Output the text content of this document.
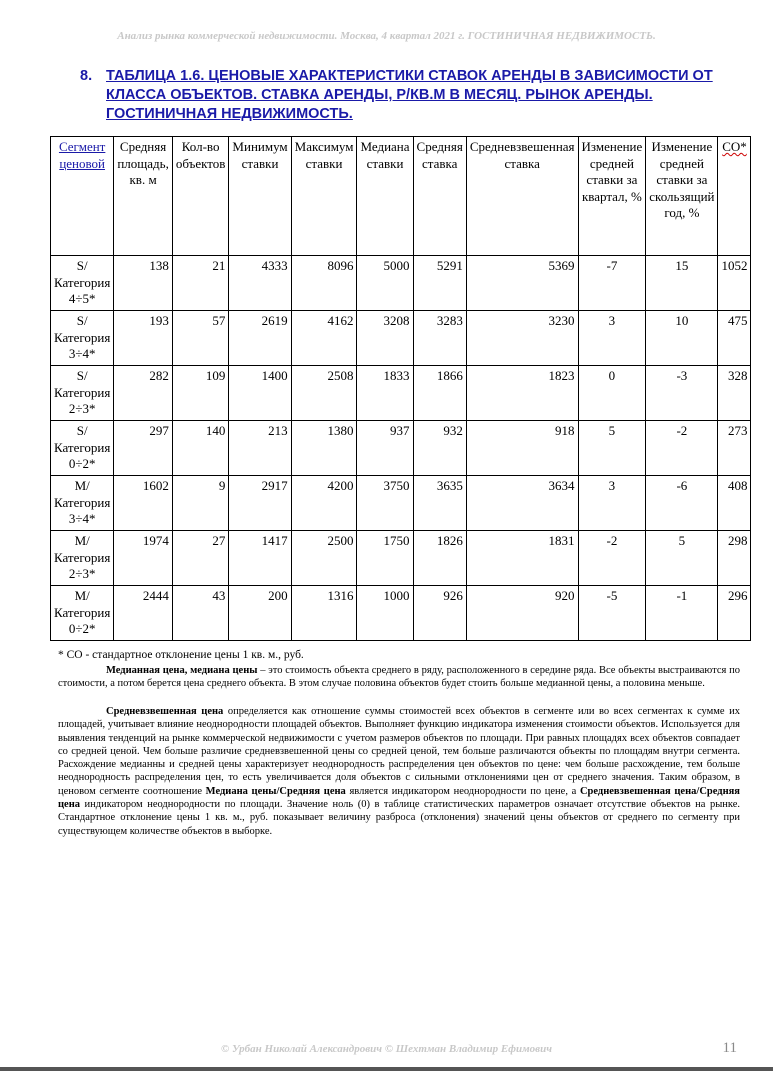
Анализ рынка коммерческой недвижимости. Москва, 4 квартал 2021 г. ГОСТИНИЧНАЯ НЕДВИЖИМОСТЬ.
8. ТАБЛИЦА 1.6. ЦЕНОВЫЕ ХАРАКТЕРИСТИКИ СТАВОК АРЕНДЫ В ЗАВИСИМОСТИ ОТ КЛАССА ОБЪЕКТОВ. СТАВКА АРЕНДЫ, Р/КВ.М В МЕСЯЦ. РЫНОК АРЕНДЫ. ГОСТИНИЧНАЯ НЕДВИЖИМОСТЬ.
Сегмент ценовой	Средняя площадь, кв. м	Кол-во объектов	Минимум ставки	Максимум ставки	Медиана ставки	Средняя ставка	Средневзвешенная ставка	Изменение средней ставки за квартал, %	Изменение средней ставки за скользящий год, %	СО*
S/Категория 4÷5*	138	21	4333	8096	5000	5291	5369	-7	15	1052
S/Категория 3÷4*	193	57	2619	4162	3208	3283	3230	3	10	475
S/Категория 2÷3*	282	109	1400	2508	1833	1866	1823	0	-3	328
S/Категория 0÷2*	297	140	213	1380	937	932	918	5	-2	273
M/Категория 3÷4*	1602	9	2917	4200	3750	3635	3634	3	-6	408
M/Категория 2÷3*	1974	27	1417	2500	1750	1826	1831	-2	5	298
M/Категория 0÷2*	2444	43	200	1316	1000	926	920	-5	-1	296
* СО - стандартное отклонение цены 1 кв. м., руб.
Медианная цена, медиана цены – это стоимость объекта среднего в ряду, расположенного в середине ряда. Все объекты выстраиваются по стоимости, а потом берется цена среднего объекта. В этом случае половина объектов будет стоить больше медианной цены, а половина меньше.
Средневзвешенная цена определяется как отношение суммы стоимостей всех объектов в сегменте или во всех сегментах к сумме их площадей, учитывает влияние неоднородности площадей объектов. Выполняет функцию индикатора изменения стоимости объектов. Используется для выявления тенденций на рынке коммерческой недвижимости с учетом размеров объектов по площади. При равных площадях всех объектов совпадает со средней ценой. Чем больше различие средневзвешенной цены со средней ценой, тем больше различаются объекты по площадям внутри сегмента. Расхождение медианны и средней цены характеризует неоднородность распределения цен объектов по цене: чем больше расхождение, тем больше неоднородность распределения цен, то есть увеличивается доля объектов с сильными отклонениями цен от среднего значения. Таким образом, в ценовом сегменте соотношение Медиана цены/Средняя цена является индикатором неоднородности по цене, а Средневзвешенная цена/Средняя цена индикатором неоднородности по площади. Значение ноль (0) в таблице статистических параметров означает отсутствие объектов на рынке. Стандартное отклонение цены 1 кв. м., руб. показывает величину разброса (отклонения) значений цены объектов от среднего по сегменту при существующем количестве объектов в выборке.
© Урбан Николай Александрович © Шехтман Владимир Ефимович	11
